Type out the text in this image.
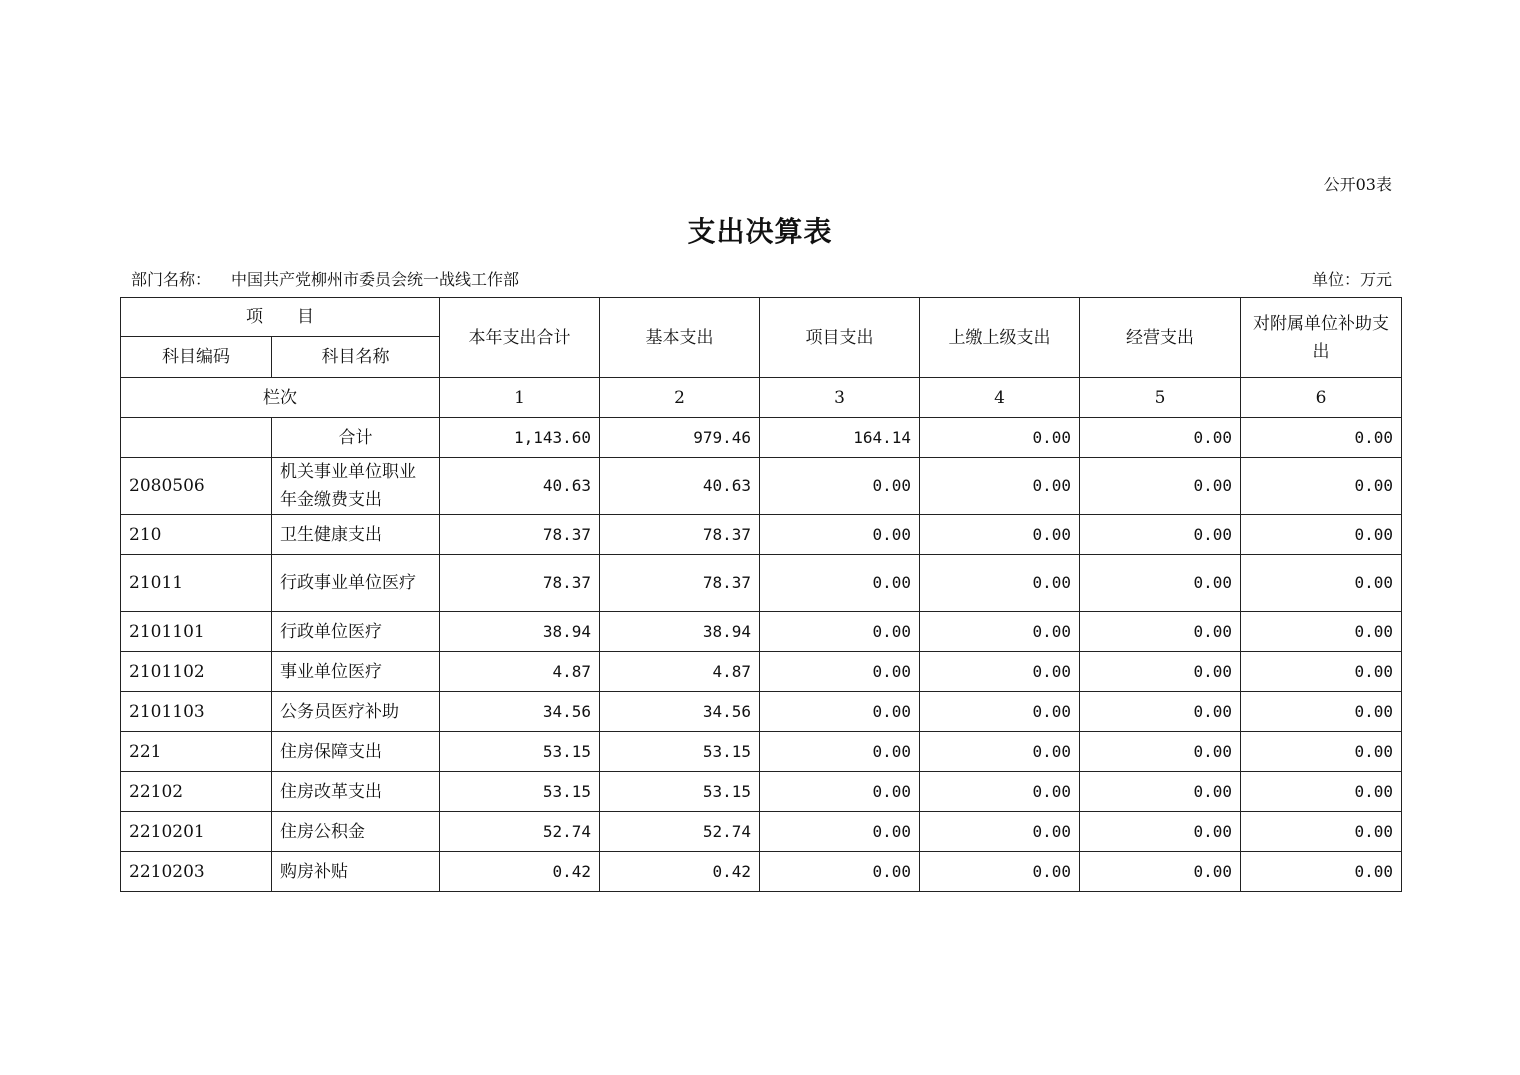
公开03表
支出决算表
部门名称： 中国共产党柳州市委员会统一战线工作部	单位：万元
项　　目		本年支出合计	基本支出	项目支出	上缴上级支出	经营支出	对附属单位补助支出
科目编码	科目名称						
栏次		1	2	3	4	5	6
	合计	1,143.60	979.46	164.14	0.00	0.00	0.00
2080506	机关事业单位职业年金缴费支出	40.63	40.63	0.00	0.00	0.00	0.00
210	卫生健康支出	78.37	78.37	0.00	0.00	0.00	0.00
21011	行政事业单位医疗	78.37	78.37	0.00	0.00	0.00	0.00
2101101	行政单位医疗	38.94	38.94	0.00	0.00	0.00	0.00
2101102	事业单位医疗	4.87	4.87	0.00	0.00	0.00	0.00
2101103	公务员医疗补助	34.56	34.56	0.00	0.00	0.00	0.00
221	住房保障支出	53.15	53.15	0.00	0.00	0.00	0.00
22102	住房改革支出	53.15	53.15	0.00	0.00	0.00	0.00
2210201	住房公积金	52.74	52.74	0.00	0.00	0.00	0.00
2210203	购房补贴	0.42	0.42	0.00	0.00	0.00	0.00
